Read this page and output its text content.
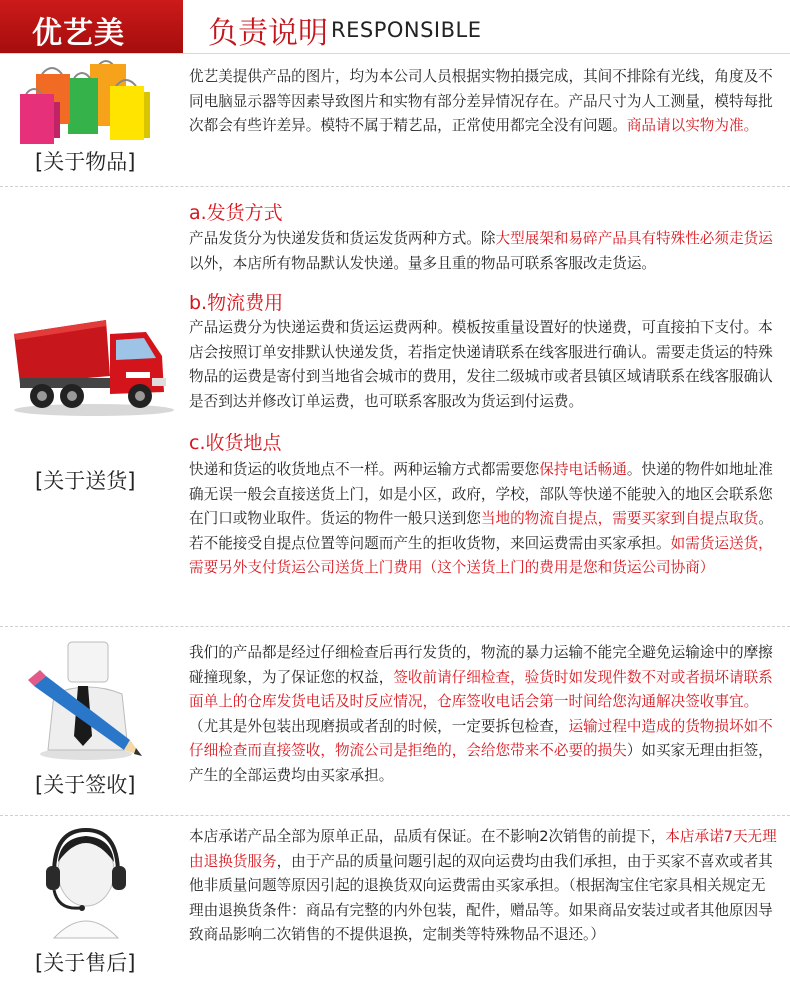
优艺美	负责说明 RESPONSIBLE
[关于物品]

优艺美提供产品的图片，均为本公司人员根据实物拍摄完成，其间不排除有光线，角度及不同电脑显示器等因素导致图片和实物有部分差异情况存在。产品尺寸为人工测量，模特每批次都会有些许差异。模特不属于精艺品，正常使用都完全没有问题。商品请以实物为准。

a.发货方式

产品发货分为快递发货和货运发货两种方式。除大型展架和易碎产品具有特殊性必须走货运以外，本店所有物品默认发快递。量多且重的物品可联系客服改走货运。

b.物流费用

产品运费分为快递运费和货运运费两种。模板按重量设置好的快递费，可直接拍下支付。本店会按照订单安排默认快递发货，若指定快递请联系在线客服进行确认。需要走货运的特殊物品的运费是寄付到当地省会城市的费用，发往二级城市或者县镇区域请联系在线客服确认是否到达并修改订单运费，也可联系客服改为货运到付运费。

c.收货地点
[关于送货]	快递和货运的收货地点不一样。两种运输方式都需要您保持电话畅通。快递的物件如地址准确无误一般会直接送货上门，如是小区，政府，学校，部队等快递不能驶入的地区会联系您在门口或物业取件。货运的物件一般只送到您当地的物流自提点，需要买家到自提点取货。若不能接受自提点位置等问题而产生的拒收货物，来回运费需由买家承担。如需货运送货，需要另外支付货运公司送货上门费用（这个送货上门的费用是您和货运公司协商）

[关于签收]

我们的产品都是经过仔细检查后再行发货的，物流的暴力运输不能完全避免运输途中的摩擦碰撞现象，为了保证您的权益，签收前请仔细检查，验货时如发现件数不对或者损坏请联系面单上的仓库发货电话及时反应情况，仓库签收电话会第一时间给您沟通解决签收事宜。（尤其是外包装出现磨损或者刮的时候，一定要拆包检查，运输过程中造成的货物损坏如不仔细检查而直接签收，物流公司是拒绝的，会给您带来不必要的损失）如买家无理由拒签，产生的全部运费均由买家承担。

[关于售后]

本店承诺产品全部为原单正品，品质有保证。在不影响2次销售的前提下，本店承诺7天无理由退换货服务，由于产品的质量问题引起的双向运费均由我们承担，由于买家不喜欢或者其他非质量问题等原因引起的退换货双向运费需由买家承担。（根据淘宝住宅家具相关规定无理由退换货条件：商品有完整的内外包装，配件，赠品等。如果商品安装过或者其他原因导致商品影响二次销售的不提供退换，定制类等特殊物品不退还。）
